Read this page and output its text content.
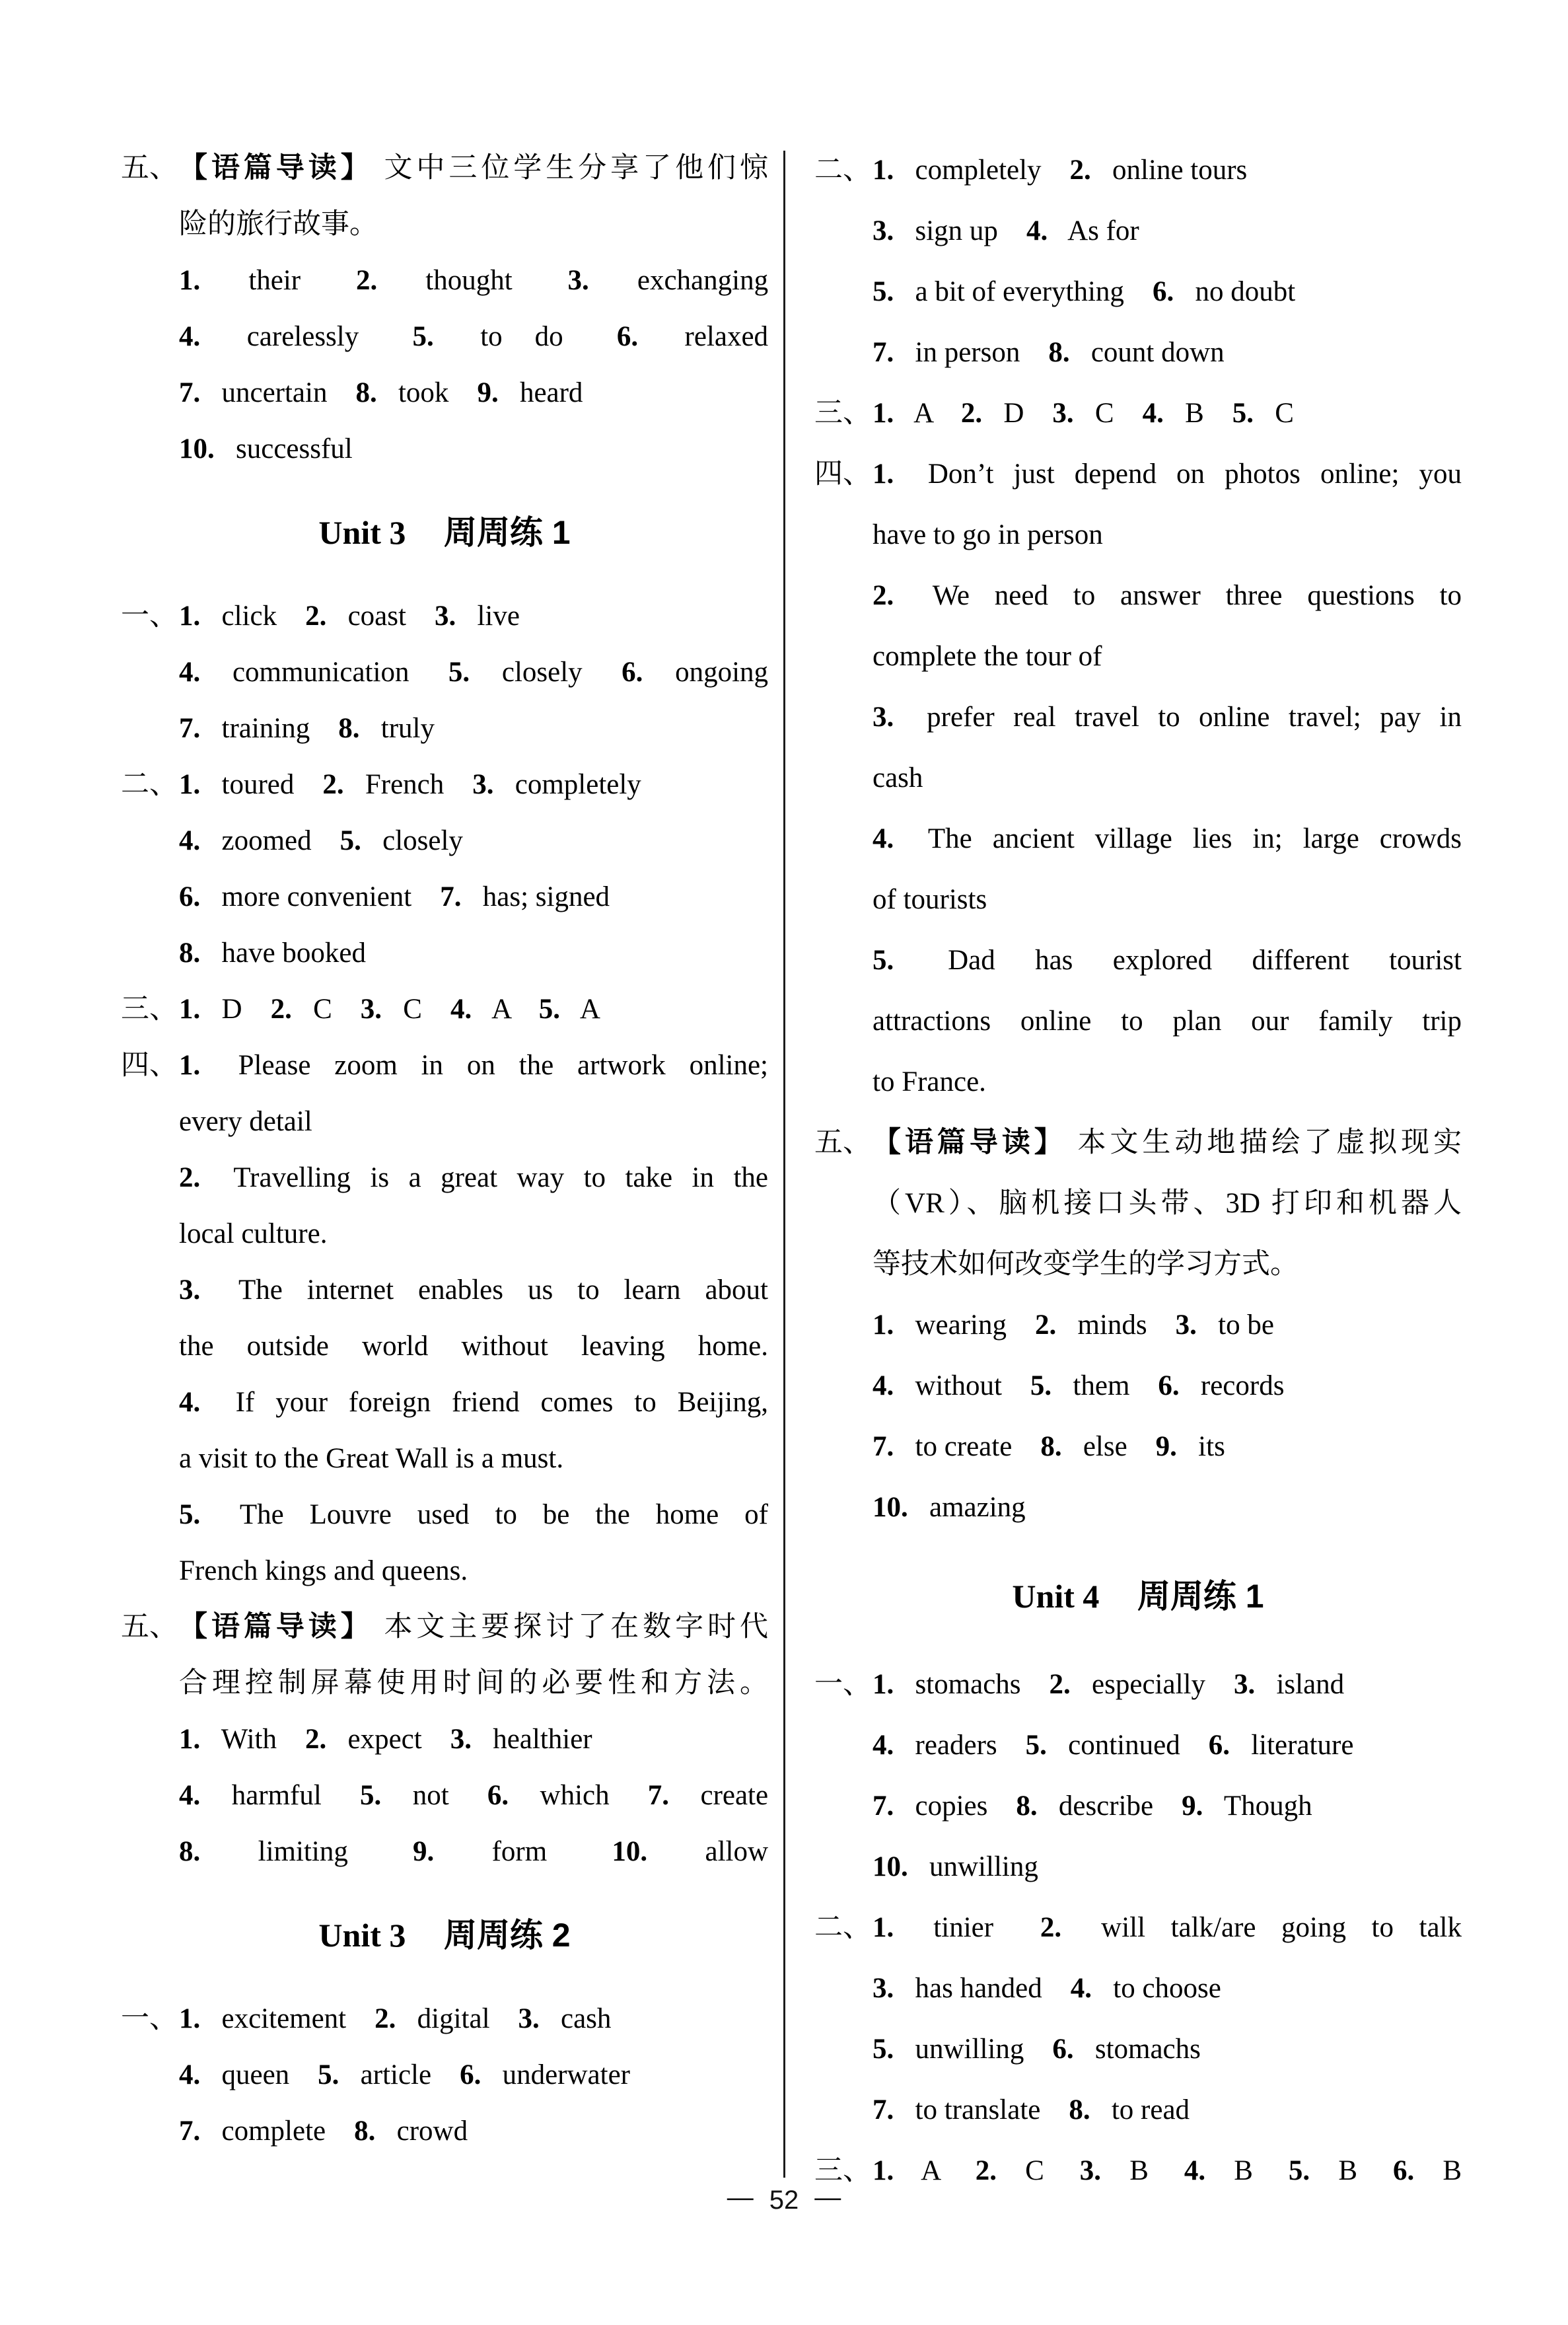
五、 【语篇导读】 文中三位学生分享了他们惊
险的旅行故事。
1. their 2. thought 3. exchanging
4. carelessly 5. to do 6. relaxed
7. uncertain 8. took 9. heard
10. successful
Unit 3 周周练 1
一、 1. click 2. coast 3. live
4. communication 5. closely 6. ongoing
7. training 8. truly
二、 1. toured 2. French 3. completely
4. zoomed 5. closely
6. more convenient 7. has; signed
8. have booked
三、 1. D 2. C 3. C 4. A 5. A
四、 1. Please zoom in on the artwork online;
every detail
2. Travelling is a great way to take in the
local culture.
3. The internet enables us to learn about
the outside world without leaving home.
4. If your foreign friend comes to Beijing,
a visit to the Great Wall is a must.
5. The Louvre used to be the home of
French kings and queens.
五、 【语篇导读】 本文主要探讨了在数字时代
合理控制屏幕使用时间的必要性和方法。
1. With 2. expect 3. healthier
4. harmful 5. not 6. which 7. create
8. limiting 9. form 10. allow
Unit 3 周周练 2
一、 1. excitement 2. digital 3. cash
4. queen 5. article 6. underwater
7. complete 8. crowd
二、 1. completely 2. online tours
3. sign up 4. As for
5. a bit of everything 6. no doubt
7. in person 8. count down
三、 1. A 2. D 3. C 4. B 5. C
四、 1. Don’t just depend on photos online; you
have to go in person
2. We need to answer three questions to
complete the tour of
3. prefer real travel to online travel; pay in
cash
4. The ancient village lies in; large crowds
of tourists
5. Dad has explored different tourist
attractions online to plan our family trip
to France.
五、 【语篇导读】 本文生动地描绘了虚拟现实
（VR）、脑机接口头带、3D 打印和机器人
等技术如何改变学生的学习方式。
1. wearing 2. minds 3. to be
4. without 5. them 6. records
7. to create 8. else 9. its
10. amazing
Unit 4 周周练 1
一、 1. stomachs 2. especially 3. island
4. readers 5. continued 6. literature
7. copies 8. describe 9. Though
10. unwilling
二、 1. tinier 2. will talk/are going to talk
3. has handed 4. to choose
5. unwilling 6. stomachs
7. to translate 8. to read
三、 1. A 2. C 3. B 4. B 5. B 6. B
— 52 —
